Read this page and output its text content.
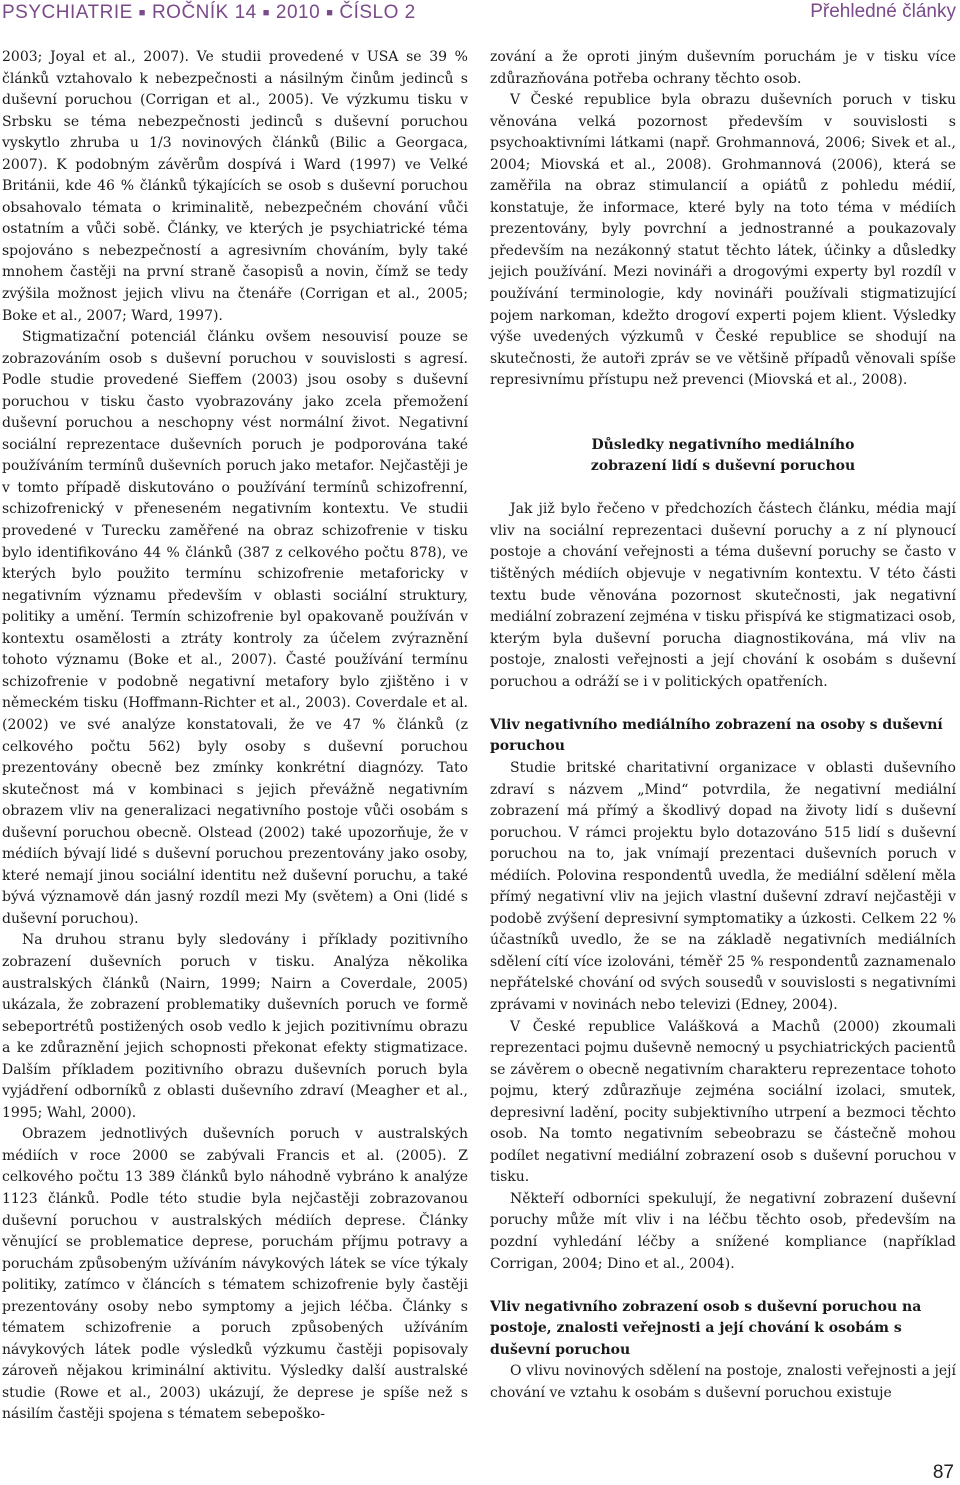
PSYCHIATRIE ■ ROČNÍK 14 ■ 2010 ■ ČÍSLO 2	Přehledné články

2003; Joyal et al., 2007). Ve studii provedené v USA se 39 % článků vztahovalo k nebezpečnosti a násilným činům jedinců s duševní poruchou (Corrigan et al., 2005). Ve výzkumu tisku v Srbsku se téma nebezpečnosti jedinců s duševní poruchou vyskytlo zhruba u 1/3 novinových článků (Bilic a Georgaca, 2007). K podobným závěrům dospívá i Ward (1997) ve Velké Británii, kde 46 % článků týkajících se osob s duševní poruchou obsahovalo témata o kriminalitě, nebezpečném chování vůči ostatním a vůči sobě. Články, ve kterých je psychiatrické téma spojováno s nebezpečností a agresivním chováním, byly také mnohem častěji na první straně časopisů a novin, čímž se tedy zvýšila možnost jejich vlivu na čtenáře (Corrigan et al., 2005; Boke et al., 2007; Ward, 1997).

Stigmatizační potenciál článku ovšem nesouvisí pouze se zobrazováním osob s duševní poruchou v souvislosti s agresí. Podle studie provedené Sieffem (2003) jsou osoby s duševní poruchou v tisku často vyobrazovány jako zcela přemožení duševní poruchou a neschopny vést normální život. Negativní sociální reprezentace duševních poruch je podporována také používáním termínů duševních poruch jako metafor. Nejčastěji je v tomto případě diskutováno o používání termínů schizofrenní, schizofrenický v přeneseném negativním kontextu. Ve studii provedené v Turecku zaměřené na obraz schizofrenie v tisku bylo identifikováno 44 % článků (387 z celkového počtu 878), ve kterých bylo použito termínu schizofrenie metaforicky v negativním významu především v oblasti sociální struktury, politiky a umění. Termín schizofrenie byl opakovaně používán v kontextu osamělosti a ztráty kontroly za účelem zvýraznění tohoto významu (Boke et al., 2007). Časté používání termínu schizofrenie v podobně negativní metafory bylo zjištěno i v německém tisku (Hoffmann-Richter et al., 2003). Coverdale et al. (2002) ve své analýze konstatovali, že ve 47 % článků (z celkového počtu 562) byly osoby s duševní poruchou prezentovány obecně bez zmínky konkrétní diagnózy. Tato skutečnost má v kombinaci s jejich převážně negativním obrazem vliv na generalizaci negativního postoje vůči osobám s duševní poruchou obecně. Olstead (2002) také upozorňuje, že v médiích bývají lidé s duševní poruchou prezentovány jako osoby, které nemají jinou sociální identitu než duševní poruchu, a také bývá významově dán jasný rozdíl mezi My (světem) a Oni (lidé s duševní poruchou).

Na druhou stranu byly sledovány i příklady pozitivního zobrazení duševních poruch v tisku. Analýza několika australských článků (Nairn, 1999; Nairn a Coverdale, 2005) ukázala, že zobrazení problematiky duševních poruch ve formě sebeportrétů postižených osob vedlo k jejich pozitivnímu obrazu a ke zdůraznění jejich schopnosti překonat efekty stigmatizace. Dalším příkladem pozitivního obrazu duševních poruch byla vyjádření odborníků z oblasti duševního zdraví (Meagher et al., 1995; Wahl, 2000).

Obrazem jednotlivých duševních poruch v australských médiích v roce 2000 se zabývali Francis et al. (2005). Z celkového počtu 13 389 článků bylo náhodně vybráno k analýze 1123 článků. Podle této studie byla nejčastěji zobrazovanou duševní poruchou v australských médiích deprese. Články věnující se problematice deprese, poruchám příjmu potravy a poruchám způsobeným užíváním návykových látek se více týkaly politiky, zatímco v článcích s tématem schizofrenie byly častěji prezentovány osoby nebo symptomy a jejich léčba. Články s tématem schizofrenie a poruch způsobených užíváním návykových látek podle výsledků výzkumu častěji popisovaly zároveň nějakou kriminální aktivitu. Výsledky další australské studie (Rowe et al., 2003) ukázují, že deprese je spíše než s násilím častěji spojena s tématem sebepoško-

zování a že oproti jiným duševním poruchám je v tisku více zdůrazňována potřeba ochrany těchto osob.

V České republice byla obrazu duševních poruch v tisku věnována velká pozornost především v souvislosti s psychoaktivními látkami (např. Grohmannová, 2006; Sivek et al., 2004; Miovská et al., 2008). Grohmannová (2006), která se zaměřila na obraz stimulancií a opiátů z pohledu médií, konstatuje, že informace, které byly na toto téma v médiích prezentovány, byly povrchní a jednostranné a poukazovaly především na nezákonný statut těchto látek, účinky a důsledky jejich používání. Mezi novináři a drogovými experty byl rozdíl v používání terminologie, kdy novináři používali stigmatizující pojem narkoman, kdežto drogoví experti pojem klient. Výsledky výše uvedených výzkumů v České republice se shodují na skutečnosti, že autoři zpráv se ve většině případů věnovali spíše represivnímu přístupu než prevenci (Miovská et al., 2008).

Důsledky negativního mediálního
zobrazení lidí s duševní poruchou

Jak již bylo řečeno v předchozích částech článku, média mají vliv na sociální reprezentaci duševní poruchy a z ní plynoucí postoje a chování veřejnosti a téma duševní poruchy se často v tištěných médiích objevuje v negativním kontextu. V této části textu bude věnována pozornost skutečnosti, jak negativní mediální zobrazení zejména v tisku přispívá ke stigmatizaci osob, kterým byla duševní porucha diagnostikována, má vliv na postoje, znalosti veřejnosti a její chování k osobám s duševní poruchou a odráží se i v politických opatřeních.

Vliv negativního mediálního zobrazení na osoby s duševní poruchou

Studie britské charitativní organizace v oblasti duševního zdraví s názvem „Mind“ potvrdila, že negativní mediální zobrazení má přímý a škodlivý dopad na životy lidí s duševní poruchou. V rámci projektu bylo dotazováno 515 lidí s duševní poruchou na to, jak vnímají prezentaci duševních poruch v médiích. Polovina respondentů uvedla, že mediální sdělení měla přímý negativní vliv na jejich vlastní duševní zdraví nejčastěji v podobě zvýšení depresivní symptomatiky a úzkosti. Celkem 22 % účastníků uvedlo, že se na základě negativních mediálních sdělení cítí více izolováni, téměř 25 % respondentů zaznamenalo nepřátelské chování od svých sousedů v souvislosti s negativními zprávami v novinách nebo televizi (Edney, 2004).

V České republice Valášková a Machů (2000) zkoumali reprezentaci pojmu duševně nemocný u psychiatrických pacientů se závěrem o obecně negativním charakteru reprezentace tohoto pojmu, který zdůrazňuje zejména sociální izolaci, smutek, depresivní ladění, pocity subjektivního utrpení a bezmoci těchto osob. Na tomto negativním sebeobrazu se částečně mohou podílet negativní mediální zobrazení osob s duševní poruchou v tisku.

Někteří odborníci spekulují, že negativní zobrazení duševní poruchy může mít vliv i na léčbu těchto osob, především na pozdní vyhledání léčby a snížené kompliance (například Corrigan, 2004; Dino et al., 2004).

Vliv negativního zobrazení osob s duševní poruchou na postoje, znalosti veřejnosti a její chování k osobám s duševní poruchou

O vlivu novinových sdělení na postoje, znalosti veřejnosti a její chování ve vztahu k osobám s duševní poruchou existuje

87
